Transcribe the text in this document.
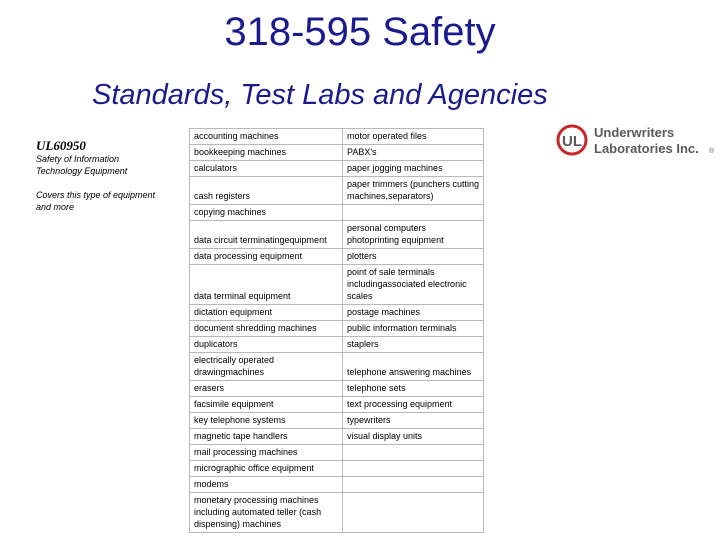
318-595 Safety
Standards, Test Labs and Agencies
UL60950
Safety of Information Technology Equipment
Covers this type of equipment and more
accounting machines	motor operated files
bookkeeping machines	PABX's
calculators	paper jogging machines
cash registers	paper trimmers (punchers cutting machines,separators)
copying machines	
data circuit terminatingequipment	personal computers photoprinting equipment
data processing equipment	plotters
data terminal equipment	point of sale terminals includingassociated electronic scales
dictation equipment	postage machines
document shredding machines	public information terminals
duplicators	staplers
electrically operated drawingmachines	telephone answering machines
erasers	telephone sets
facsimile equipment	text processing equipment
key telephone systems	typewriters
magnetic tape handlers	visual display units
mail processing machines	
micrographic office equipment	
modems	
monetary processing machines including automated teller (cash dispensing) machines	
UL
Underwriters
Laboratories Inc. ®
